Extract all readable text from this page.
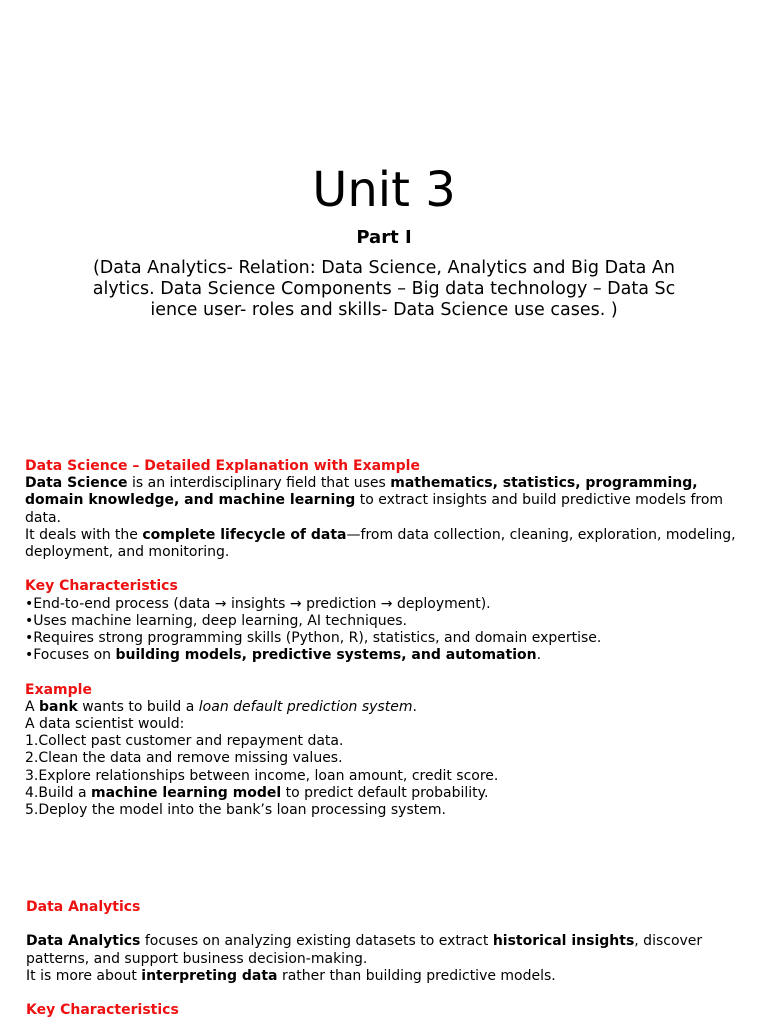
Unit 3
Part I

(Data Analytics- Relation: Data Science, Analytics and Big Data Analytics. Data Science Components – Big data technology – Data Science user- roles and skills- Data Science use cases. )

Data Science – Detailed Explanation with Example

Data Science is an interdisciplinary field that uses mathematics, statistics, programming, domain knowledge, and machine learning to extract insights and build predictive models from data.

It deals with the complete lifecycle of data—from data collection, cleaning, exploration, modeling, deployment, and monitoring.

Key Characteristics

•End-to-end process (data → insights → prediction → deployment).
•Uses machine learning, deep learning, AI techniques.
•Requires strong programming skills (Python, R), statistics, and domain expertise.
•Focuses on building models, predictive systems, and automation.

Example

A bank wants to build a loan default prediction system.

A data scientist would:

1.Collect past customer and repayment data.
2.Clean the data and remove missing values.
3.Explore relationships between income, loan amount, credit score.
4.Build a machine learning model to predict default probability.
5.Deploy the model into the bank’s loan processing system.

Data Analytics

Data Analytics focuses on analyzing existing datasets to extract historical insights, discover patterns, and support business decision-making.

It is more about interpreting data rather than building predictive models.

Key Characteristics
